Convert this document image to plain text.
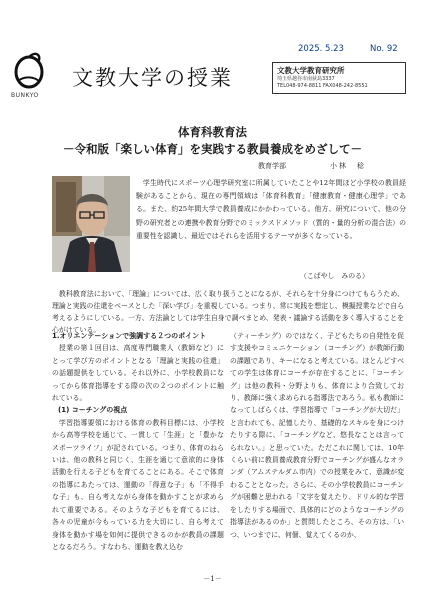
BUNKYO
文教大学の授業
2025. 5.23	No. 92
文教大学教育研究所
埼玉県越谷市南荻島3337
TEL048-974-8811 FAX048-242-8551
体育科教育法
－令和版「楽しい体育」を実践する教員養成をめざして－
教育学部	小林　稔

学生時代にスポーツ心理学研究室に所属していたことや12年間ほど小学校の教員経験があることから、現在の専門領域は「体育科教育」「健康教育・健康心理学」である。また、約25年間大学で教員養成にかかわっている。他方、研究について、他の分野の研究者との連携や教育分野でのミックスドメソッド（質的・量的分析の混合法）の重要性を認識し、最近ではそれらを活用するテーマが多くなっている。

（こばやし　みのる）

教科教育法において、「理論」については、広く取り扱うことになるが、それらを十分身につけてもらうため、理論と実践の往還をベースとした「深い学び」を重視している。つまり、常に実践を想定し、模擬授業などで自ら考えるようにしている。一方、方法論としては学生自身で調べまとめ、発表・議論する活動を多く導入することを心がけている。

1.オリエンテーションで強調する２つのポイント

授業の第１回目は、高度専門職業人（教師など）にとって学び方のポイントとなる「理論と実践の往還」の話題提供をしている。それ以外に、小学校教員になってから体育指導をする際の次の２つのポイントに触れている。

(1) コーチングの視点

学習指導要領における体育の教科目標には、小学校から高等学校を通じて、一貫して「生涯」と「豊かなスポーツライフ」が記されている。つまり、体育のねらいは、他の教科と同じく、生涯を通じて意欲的に身体活動を行える子どもを育てることにある。そこで体育の指導にあたっては、運動の「得意な子」も「不得手な子」も、自ら考えながら身体を動かすことが求められて重要である。そのような子どもを育てるには、各々の児童が今もっている力を大切にし、自ら考えて身体を動かす場を如何に提供できるのかが教員の課題となるだろう。すなわち、運動を教え込む

（ティーチング）のではなく、子どもたちの自発性を促す支援やコミュニケーション（コーチング）が教師行動の課題であり、キーになると考えている。ほとんどすべての学生は体育にコーチが存在することに、「コーチング」は他の教科・分野よりも、体育により合致しており、教師に強く求められる指導法であろう。私も教師になってしばらくは、学習指導で「コーチングが大切だ」と言われても、記憶したり、基礎的なスキルを身につけたりする際に、「コーチングなど、悠長なことは言ってられない。」と思っていた。ただこれに関しては、10年くらい前に教員養成教育分野でコーチングが盛んなオランダ（アムステルダム市内）での授業をみて、意識が変わることとなった。さらに、その小学校教員にコーチングが困難と思われる「文字を覚えたり、ドリル的な学習をしたりする場面で、具体的にどのようなコーチングの指導法があるのか」と質問したところ、その方は、「いつ、いつまでに、何個、覚えてくるのか、

－1－
